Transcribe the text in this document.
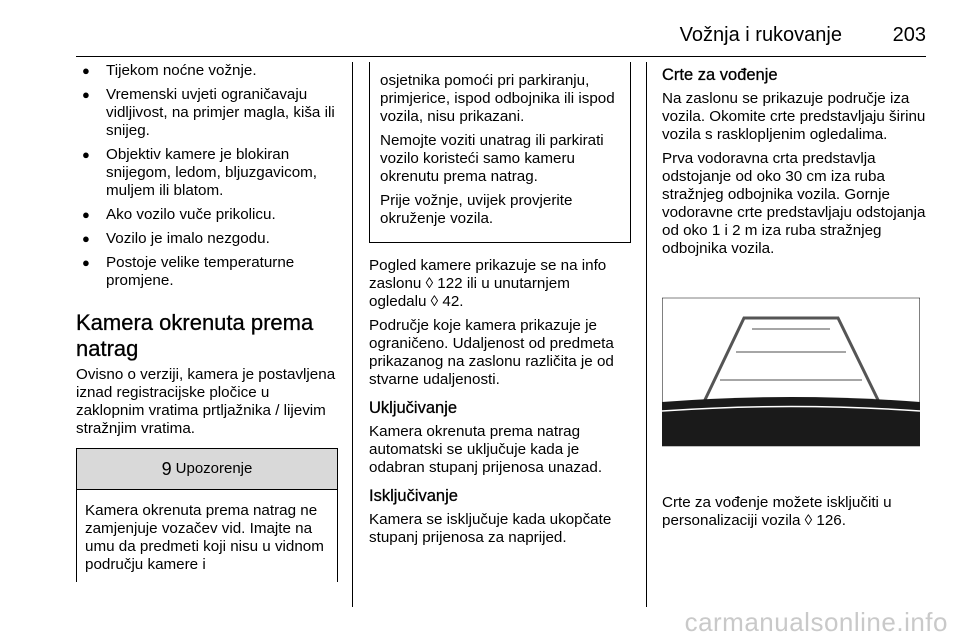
Vožnja i rukovanje	203
● Tijekom noćne vožnje.
● Vremenski uvjeti ograničavaju vidljivost, na primjer magla, kiša ili snijeg.
● Objektiv kamere je blokiran snijegom, ledom, bljuzgavicom, muljem ili blatom.
● Ako vozilo vuče prikolicu.
● Vozilo je imalo nezgodu.
● Postoje velike temperaturne promjene.
Kamera okrenuta prema natrag

Ovisno o verziji, kamera je postavljena iznad registracijske pločice u zaklopnim vratima prtljažnika / lijevim stražnjim vratima.

9 Upozorenje
Kamera okrenuta prema natrag ne zamjenjuje vozačev vid. Imajte na umu da predmeti koji nisu u vidnom području kamere i

osjetnika pomoći pri parkiranju, primjerice, ispod odbojnika ili ispod vozila, nisu prikazani.

Nemojte voziti unatrag ili parkirati vozilo koristeći samo kameru okrenutu prema natrag.

Prije vožnje, uvijek provjerite okruženje vozila.

Pogled kamere prikazuje se na info zaslonu ◊ 122 ili u unutarnjem ogledalu ◊ 42.

Područje koje kamera prikazuje je ograničeno. Udaljenost od predmeta prikazanog na zaslonu različita je od stvarne udaljenosti.

Uključivanje

Kamera okrenuta prema natrag automatski se uključuje kada je odabran stupanj prijenosa unazad.

Isključivanje

Kamera se isključuje kada ukopčate stupanj prijenosa za naprijed.

Crte za vođenje

Na zaslonu se prikazuje područje iza vozila. Okomite crte predstavljaju širinu vozila s rasklopljenim ogledalima.

Prva vodoravna crta predstavlja odstojanje od oko 30 cm iza ruba stražnjeg odbojnika vozila. Gornje vodoravne crte predstavljaju odstojanja od oko 1 i 2 m iza ruba stražnjeg odbojnika vozila.

Crte za vođenje možete isključiti u personalizaciji vozila ◊ 126.

carmanualsonline.info
